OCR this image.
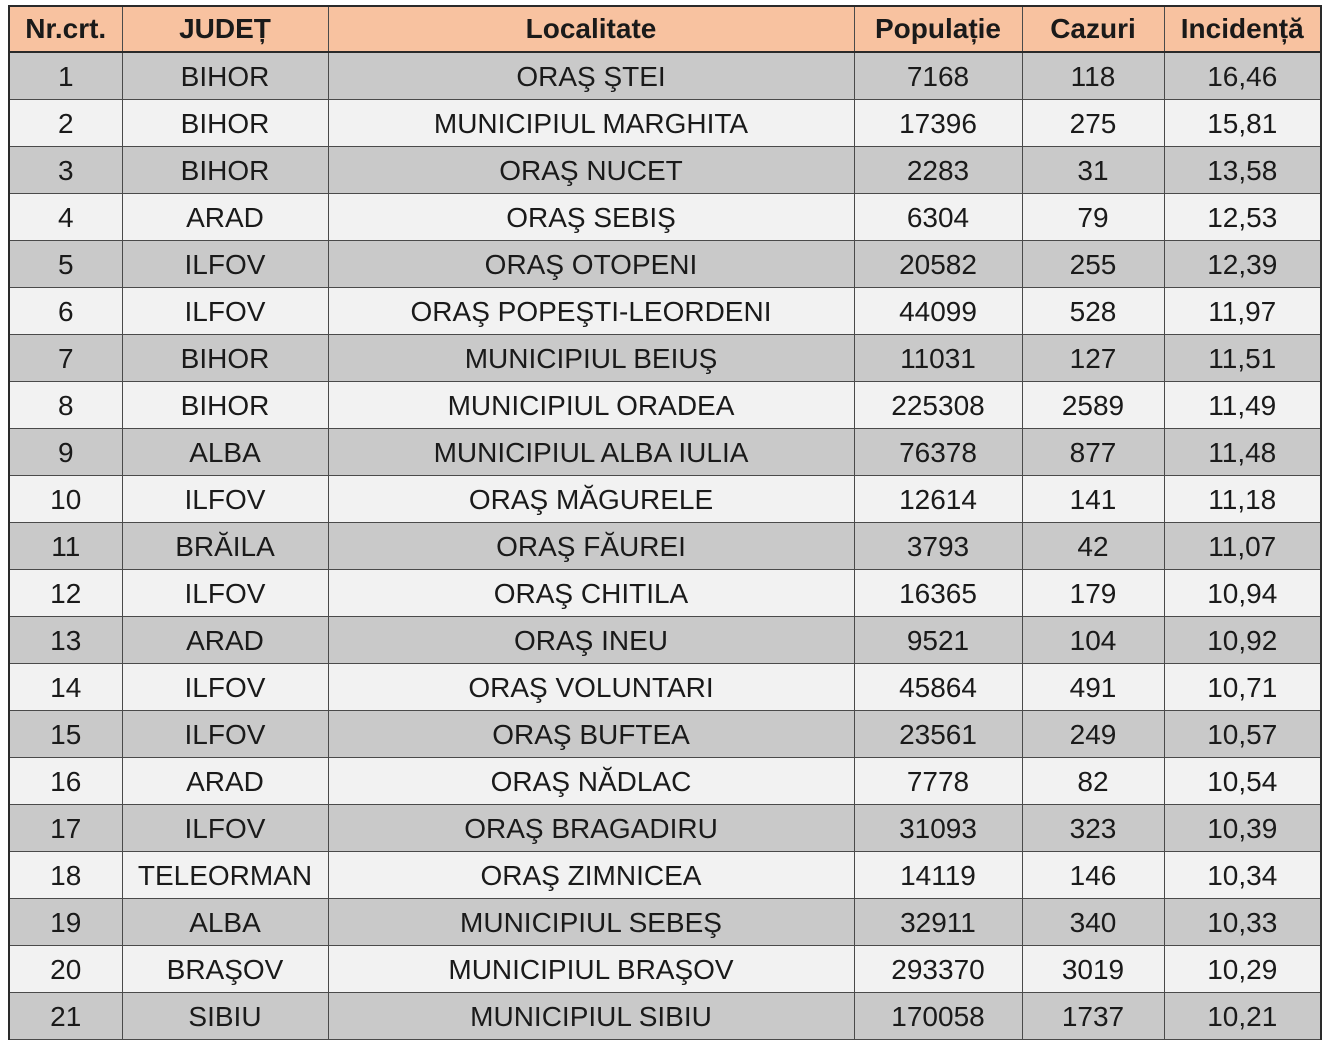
Nr.crt.	JUDEȚ	Localitate	Populație	Cazuri	Incidență
1	BIHOR	ORAŞ ŞTEI	7168	118	16,46
2	BIHOR	MUNICIPIUL MARGHITA	17396	275	15,81
3	BIHOR	ORAŞ NUCET	2283	31	13,58
4	ARAD	ORAŞ SEBIŞ	6304	79	12,53
5	ILFOV	ORAŞ OTOPENI	20582	255	12,39
6	ILFOV	ORAŞ POPEŞTI-LEORDENI	44099	528	11,97
7	BIHOR	MUNICIPIUL BEIUŞ	11031	127	11,51
8	BIHOR	MUNICIPIUL ORADEA	225308	2589	11,49
9	ALBA	MUNICIPIUL ALBA IULIA	76378	877	11,48
10	ILFOV	ORAŞ MĂGURELE	12614	141	11,18
11	BRĂILA	ORAŞ FĂUREI	3793	42	11,07
12	ILFOV	ORAŞ CHITILA	16365	179	10,94
13	ARAD	ORAŞ INEU	9521	104	10,92
14	ILFOV	ORAŞ VOLUNTARI	45864	491	10,71
15	ILFOV	ORAŞ BUFTEA	23561	249	10,57
16	ARAD	ORAŞ NĂDLAC	7778	82	10,54
17	ILFOV	ORAŞ BRAGADIRU	31093	323	10,39
18	TELEORMAN	ORAŞ ZIMNICEA	14119	146	10,34
19	ALBA	MUNICIPIUL SEBEŞ	32911	340	10,33
20	BRAŞOV	MUNICIPIUL BRAŞOV	293370	3019	10,29
21	SIBIU	MUNICIPIUL SIBIU	170058	1737	10,21
